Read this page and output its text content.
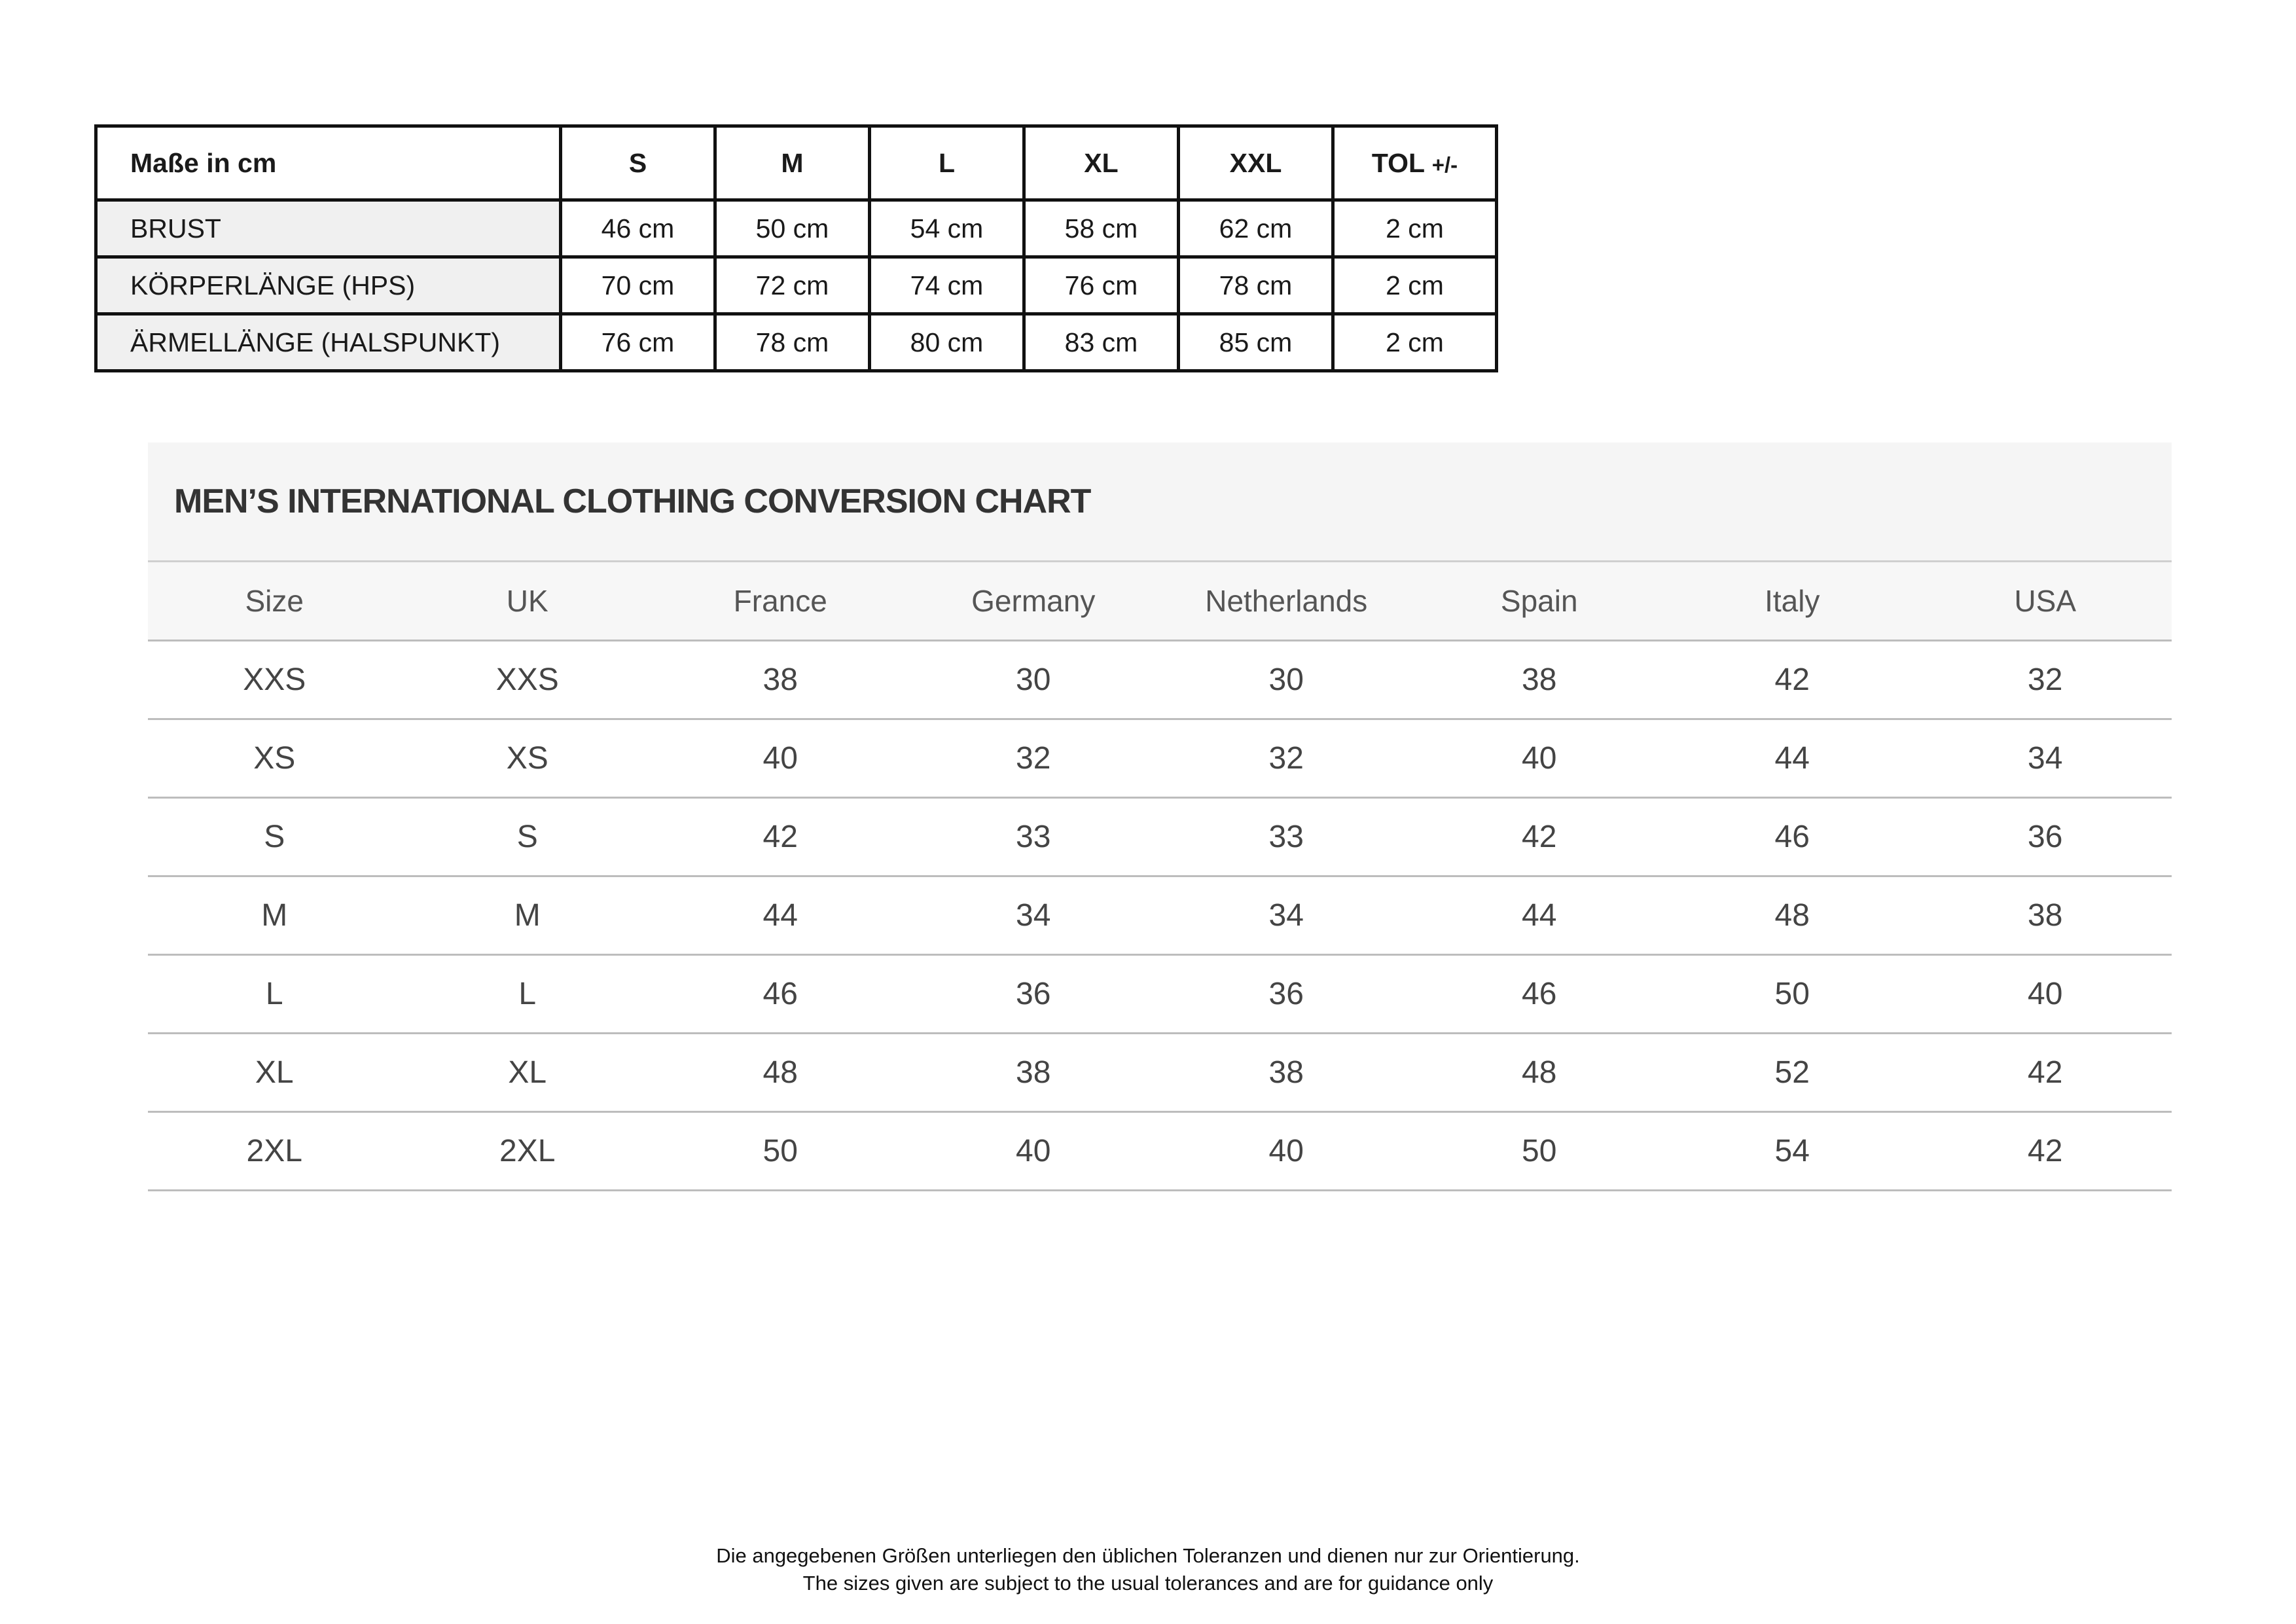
Maße in cm	S	M	L	XL	XXL	TOL +/-
BRUST	46 cm	50 cm	54 cm	58 cm	62 cm	2 cm
KÖRPERLÄNGE (HPS)	70 cm	72 cm	74 cm	76 cm	78 cm	2 cm
ÄRMELLÄNGE (HALSPUNKT)	76 cm	78 cm	80 cm	83 cm	85 cm	2 cm
MEN’S INTERNATIONAL CLOTHING CONVERSION CHART
Size	UK	France	Germany	Netherlands	Spain	Italy	USA
XXS	XXS	38	30	30	38	42	32
XS	XS	40	32	32	40	44	34
S	S	42	33	33	42	46	36
M	M	44	34	34	44	48	38
L	L	46	36	36	46	50	40
XL	XL	48	38	38	48	52	42
2XL	2XL	50	40	40	50	54	42
Die angegebenen Größen unterliegen den üblichen Toleranzen und dienen nur zur Orientierung.
The sizes given are subject to the usual tolerances and are for guidance only
